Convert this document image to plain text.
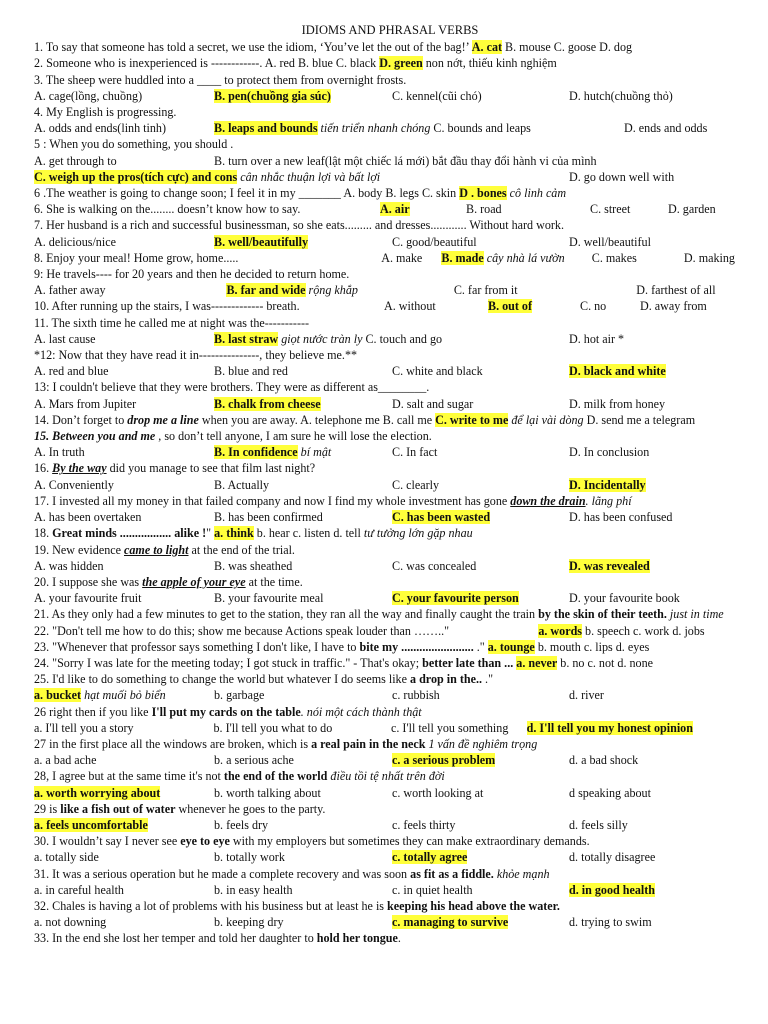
IDIOMS AND PHRASAL VERBS
1. To say that someone has told a secret, we use the idiom, ‘You’ve let the out of the bag!’ A. cat B. mouse C. goose D. dog
2. Someone who is inexperienced is ------------. A. red B. blue C. black D. green non nớt, thiếu kinh nghiệm
3. The sheep were huddled into a ____ to protect them from overnight frosts.
A. cage(lồng, chuồng)	B. pen(chuồng gia súc)	C. kennel(cũi chó)	D. hutch(chuồng thỏ)
4. My English is progressing.
A. odds and ends(linh tinh)	B. leaps and bounds tiến triển nhanh chóng C. bounds and leaps	D. ends and odds
5 : When you do something, you should .
A. get through to	B. turn over a new leaf(lật một chiếc lá mới) bắt đầu thay đổi hành vi của mình
C. weigh up the pros(tích cực) and cons cân nhắc thuận lợi và bất lợi	D. go down well with
6 .The weather is going to change soon; I feel it in my _______ A. body B. legs C. skin D . bones cô linh cảm
6. She is walking on the........ doesn’t know how to say.	A. air	B. road	C. street	D. garden
7. Her husband is a rich and successful businessman, so she eats......... and dresses............ Without hard work.
A. delicious/nice	B. well/beautifully	C. good/beautiful	D. well/beautiful
8. Enjoy your meal! Home grow, home.....	A. make	B. made cây nhà lá vườn	C. makes	D. making
9: He travels---- for 20 years and then he decided to return home.
A. father away	B. far and wide rộng khắp	C. far from it	D. farthest of all
10. After running up the stairs, I was------------- breath.	A. without	B. out of	C. no	D. away from
11. The sixth time he called me at night was the-----------
A. last cause	B. last straw giọt nước tràn ly C. touch and go	D. hot air *
*12: Now that they have read it in---------------, they believe me.**
A. red and blue	B. blue and red	C. white and black	D. black and white
13: I couldn't believe that they were brothers. They were as different as________.
A. Mars from Jupiter	B. chalk from cheese	D. salt and sugar	D. milk from honey
14. Don’t forget to drop me a line when you are away. A. telephone me B. call me C. write to me để lại vài dòng D. send me a telegram
15. Between you and me , so don’t tell anyone, I am sure he will lose the election.
A. In truth	B. In confidence bí mật	C. In fact	D. In conclusion
16. By the way did you manage to see that film last night?
A. Conveniently	B. Actually	C. clearly	D. Incidentally
17. I invested all my money in that failed company and now I find my whole investment has gone down the drain. lãng phí
A. has been overtaken	B. has been confirmed	C. has been wasted	D. has been confused
18. Great minds ................. alike !" a. think b. hear c. listen d. tell tư tưởng lớn gặp nhau
19. New evidence came to light at the end of the trial.
A. was hidden	B. was sheathed	C. was concealed	D. was revealed
20. I suppose she was the apple of your eye at the time.
A. your favourite fruit	B. your favourite meal	C. your favourite person	D. your favourite book
21. As they only had a few minutes to get to the station, they ran all the way and finally caught the train by the skin of their teeth. just in time
22. "Don't tell me how to do this; show me because Actions speak louder than …….."	a. words b. speech c. work d. jobs
23. "Whenever that professor says something I don't like, I have to bite my ........................ ." a. tounge b. mouth c. lips d. eyes
24. "Sorry I was late for the meeting today; I got stuck in traffic." - That's okay; better late than ... a. never b. no c. not d. none
25. I'd like to do something to change the world but whatever I do seems like a drop in the.. ."
a. bucket hạt muối bỏ biển	b. garbage	c. rubbish	d. river
26 right then if you like I'll put my cards on the table. nói một cách thành thật
a. I'll tell you a story	b. I'll tell you what to do	c. I'll tell you something	d. I'll tell you my honest opinion
27 in the first place all the windows are broken, which is a real pain in the neck 1 vấn đề nghiêm trọng
a. a bad ache	b. a serious ache	c. a serious problem	d. a bad shock
28, I agree but at the same time it's not the end of the world điều tồi tệ nhất trên đời
a. worth worrying about	b. worth talking about	c. worth looking at	d speaking about
29 is like a fish out of water whenever he goes to the party.
a. feels uncomfortable	b. feels dry	c. feels thirty	d. feels silly
30. I wouldn’t say I never see eye to eye with my employers but sometimes they can make extraordinary demands.
a. totally side	b. totally work	c. totally agree	d. totally disagree
31. It was a serious operation but he made a complete recovery and was soon as fit as a fiddle. khỏe mạnh
a. in careful health	b. in easy health	c. in quiet health	d. in good health
32. Chales is having a lot of problems with his business but at least he is keeping his head above the water.
a. not downing	b. keeping dry	c. managing to survive	d. trying to swim
33. In the end she lost her temper and told her daughter to hold her tongue.
